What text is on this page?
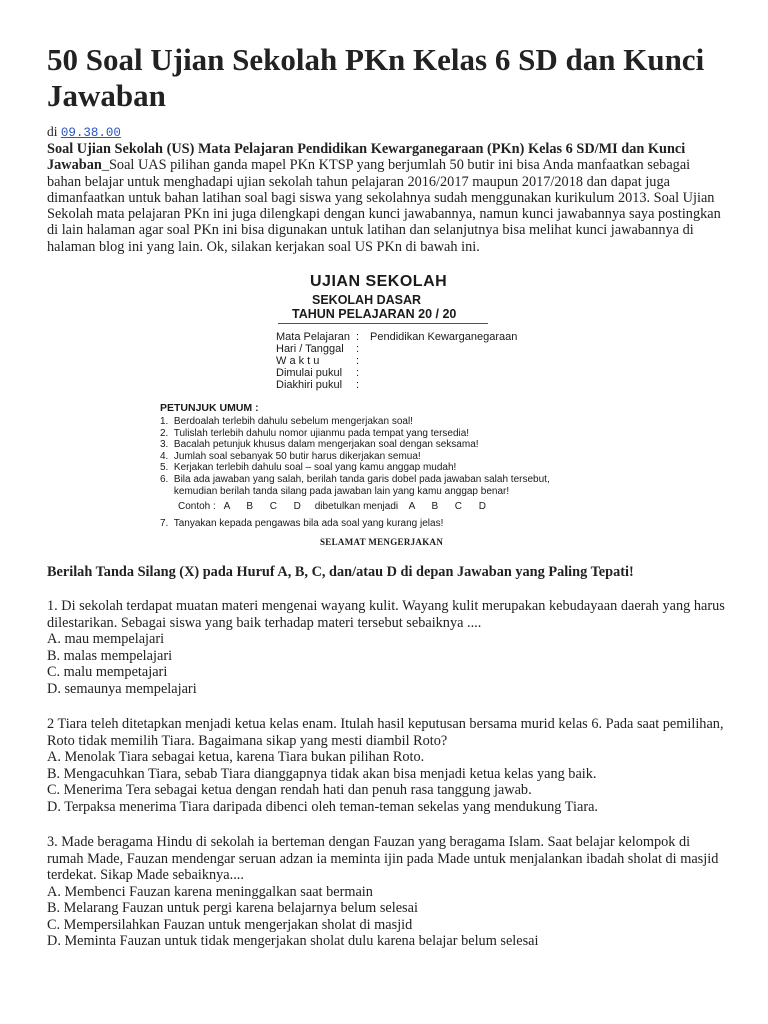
50 Soal Ujian Sekolah PKn Kelas 6 SD dan Kunci Jawaban

di 09.38.00

Soal Ujian Sekolah (US) Mata Pelajaran Pendidikan Kewarganegaraan (PKn) Kelas 6 SD/MI dan Kunci Jawaban_Soal UAS pilihan ganda mapel PKn KTSP yang berjumlah 50 butir ini bisa Anda manfaatkan sebagai bahan belajar untuk menghadapi ujian sekolah tahun pelajaran 2016/2017 maupun 2017/2018 dan dapat juga dimanfaatkan untuk bahan latihan soal bagi siswa yang sekolahnya sudah menggunakan kurikulum 2013. Soal Ujian Sekolah mata pelajaran PKn ini juga dilengkapi dengan kunci jawabannya, namun kunci jawabannya saya postingkan di lain halaman agar soal PKn ini bisa digunakan untuk latihan dan selanjutnya bisa melihat kunci jawabannya di halaman blog ini yang lain. Ok, silakan kerjakan soal US PKn di bawah ini.

UJIAN SEKOLAH
SEKOLAH DASAR
TAHUN PELAJARAN 20 / 20
Mata Pelajaran : Pendidikan Kewarganegaraan
Hari / Tanggal :
W a k t u	:
Dimulai pukul :
Diakhiri pukul :
PETUNJUK UMUM :
1.  Berdoalah terlebih dahulu sebelum mengerjakan soal!
2.  Tulislah terlebih dahulu nomor ujianmu pada tempat yang tersedia!
3.  Bacalah petunjuk khusus dalam mengerjakan soal dengan seksama!
4.  Jumlah soal sebanyak 50 butir harus dikerjakan semua!
5.  Kerjakan terlebih dahulu soal – soal yang kamu anggap mudah!
6.  Bila ada jawaban yang salah, berilah tanda garis dobel pada jawaban salah tersebut,
kemudian berilah tanda silang pada jawaban lain yang kamu anggap benar!
Contoh :   A      B      C      D     dibetulkan menjadi    A      B      C      D
7.  Tanyakan kepada pengawas bila ada soal yang kurang jelas!
SELAMAT MENGERJAKAN

Berilah Tanda Silang (X) pada Huruf A, B, C, dan/atau D di depan Jawaban yang Paling Tepati!

1. Di sekolah terdapat muatan materi mengenai wayang kulit. Wayang kulit merupakan kebudayaan daerah yang harus dilestarikan. Sebagai siswa yang baik terhadap materi tersebut sebaiknya ....

A. mau mempelajari

B. malas mempelajari

C. malu mempetajari

D. semaunya mempelajari

2 Tiara teleh ditetapkan menjadi ketua kelas enam. Itulah hasil keputusan bersama murid kelas 6. Pada saat pemilihan, Roto tidak memilih Tiara. Bagaimana sikap yang mesti diambil Roto?

A. Menolak Tiara sebagai ketua, karena Tiara bukan pilihan Roto.

B. Mengacuhkan Tiara, sebab Tiara dianggapnya tidak akan bisa menjadi ketua kelas yang baik.

C. Menerima Tera sebagai ketua dengan rendah hati dan penuh rasa tanggung jawab.

D. Terpaksa menerima Tiara daripada dibenci oleh teman-teman sekelas yang mendukung Tiara.

3. Made beragama Hindu di sekolah ia berteman dengan Fauzan yang beragama Islam. Saat belajar kelompok di rumah Made, Fauzan mendengar seruan adzan ia meminta ijin pada Made untuk menjalankan ibadah sholat di masjid terdekat. Sikap Made sebaiknya....

A. Membenci Fauzan karena meninggalkan saat bermain

B. Melarang Fauzan untuk pergi karena belajarnya belum selesai

C. Mempersilahkan Fauzan untuk mengerjakan sholat di masjid

D. Meminta Fauzan untuk tidak mengerjakan sholat dulu karena belajar belum selesai
